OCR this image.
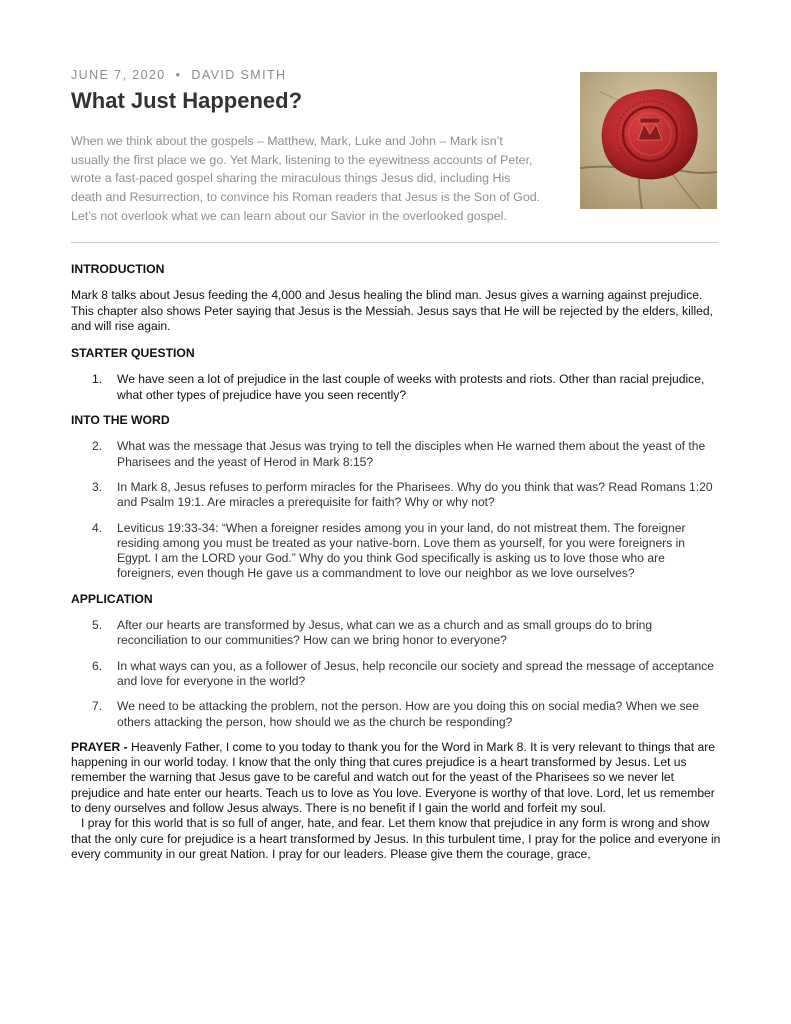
JUNE 7, 2020 • DAVID SMITH
What Just Happened?

When we think about the gospels – Matthew, Mark, Luke and John – Mark isn’t usually the first place we go. Yet Mark, listening to the eyewitness accounts of Peter, wrote a fast-paced gospel sharing the miraculous things Jesus did, including His death and Resurrection, to convince his Roman readers that Jesus is the Son of God. Let’s not overlook what we can learn about our Savior in the overlooked gospel.

INTRODUCTION

Mark 8 talks about Jesus feeding the 4,000 and Jesus healing the blind man. Jesus gives a warning against prejudice. This chapter also shows Peter saying that Jesus is the Messiah. Jesus says that He will be rejected by the elders, killed, and will rise again.

STARTER QUESTION
1. We have seen a lot of prejudice in the last couple of weeks with protests and riots. Other than racial prejudice, what other types of prejudice have you seen recently?
INTO THE WORD
2. What was the message that Jesus was trying to tell the disciples when He warned them about the yeast of the Pharisees and the yeast of Herod in Mark 8:15?
3. In Mark 8, Jesus refuses to perform miracles for the Pharisees. Why do you think that was? Read Romans 1:20 and Psalm 19:1. Are miracles a prerequisite for faith? Why or why not?
4. Leviticus 19:33-34: “When a foreigner resides among you in your land, do not mistreat them. The foreigner residing among you must be treated as your native-born. Love them as yourself, for you were foreigners in Egypt. I am the LORD your God.” Why do you think God specifically is asking us to love those who are foreigners, even though He gave us a commandment to love our neighbor as we love ourselves?
APPLICATION
5. After our hearts are transformed by Jesus, what can we as a church and as small groups do to bring reconciliation to our communities? How can we bring honor to everyone?
6. In what ways can you, as a follower of Jesus, help reconcile our society and spread the message of acceptance and love for everyone in the world?
7. We need to be attacking the problem, not the person. How are you doing this on social media? When we see others attacking the person, how should we as the church be responding?

PRAYER - Heavenly Father, I come to you today to thank you for the Word in Mark 8. It is very relevant to things that are happening in our world today. I know that the only thing that cures prejudice is a heart transformed by Jesus. Let us remember the warning that Jesus gave to be careful and watch out for the yeast of the Pharisees so we never let prejudice and hate enter our hearts. Teach us to love as You love. Everyone is worthy of that love. Lord, let us remember to deny ourselves and follow Jesus always. There is no benefit if I gain the world and forfeit my soul.

I pray for this world that is so full of anger, hate, and fear. Let them know that prejudice in any form is wrong and show that the only cure for prejudice is a heart transformed by Jesus. In this turbulent time, I pray for the police and everyone in every community in our great Nation. I pray for our leaders. Please give them the courage, grace,
